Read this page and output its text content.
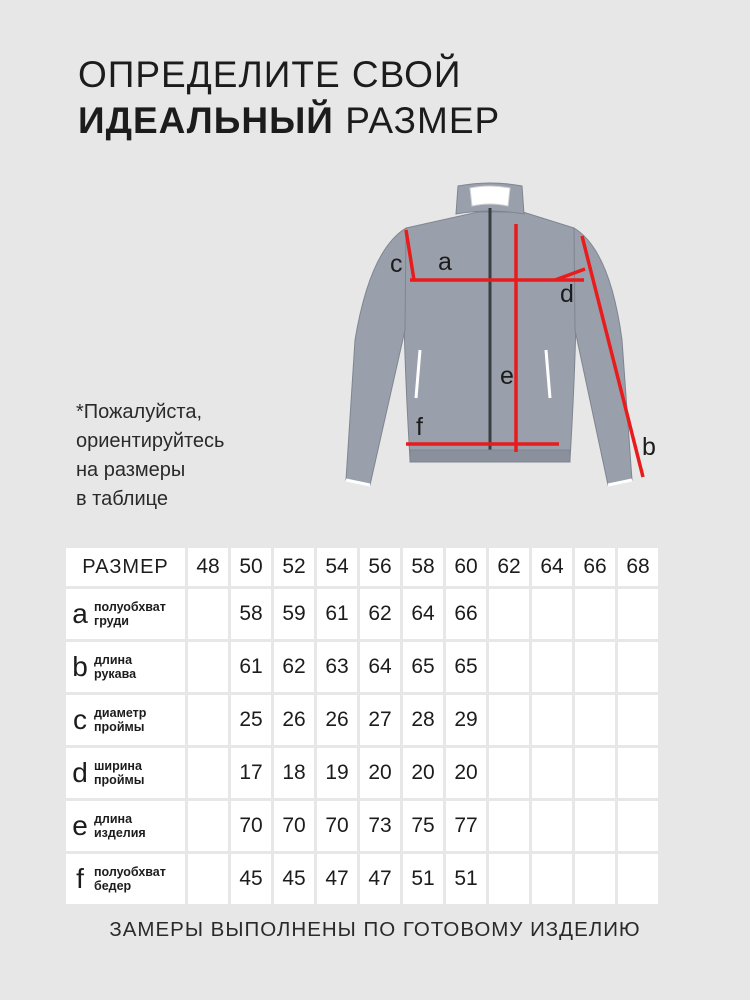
ОПРЕДЕЛИТЕ СВОЙ
ИДЕАЛЬНЫЙ РАЗМЕР
*Пожалуйста,
ориентируйтесь
на размеры
в таблице
c a
d
e
f
b
РАЗМЕР	48	50	52	54	56	58	60	62	64	66	68

a полуобхват
груди		58	59	61	62	64	66				

b длина
рукава		61	62	63	64	65	65				

c диаметр
проймы		25	26	26	27	28	29				

d ширина
проймы		17	18	19	20	20	20				

e длина
изделия		70	70	70	73	75	77				

f полуобхват
бедер		45	45	47	47	51	51				
ЗАМЕРЫ ВЫПОЛНЕНЫ ПО ГОТОВОМУ ИЗДЕЛИЮ
